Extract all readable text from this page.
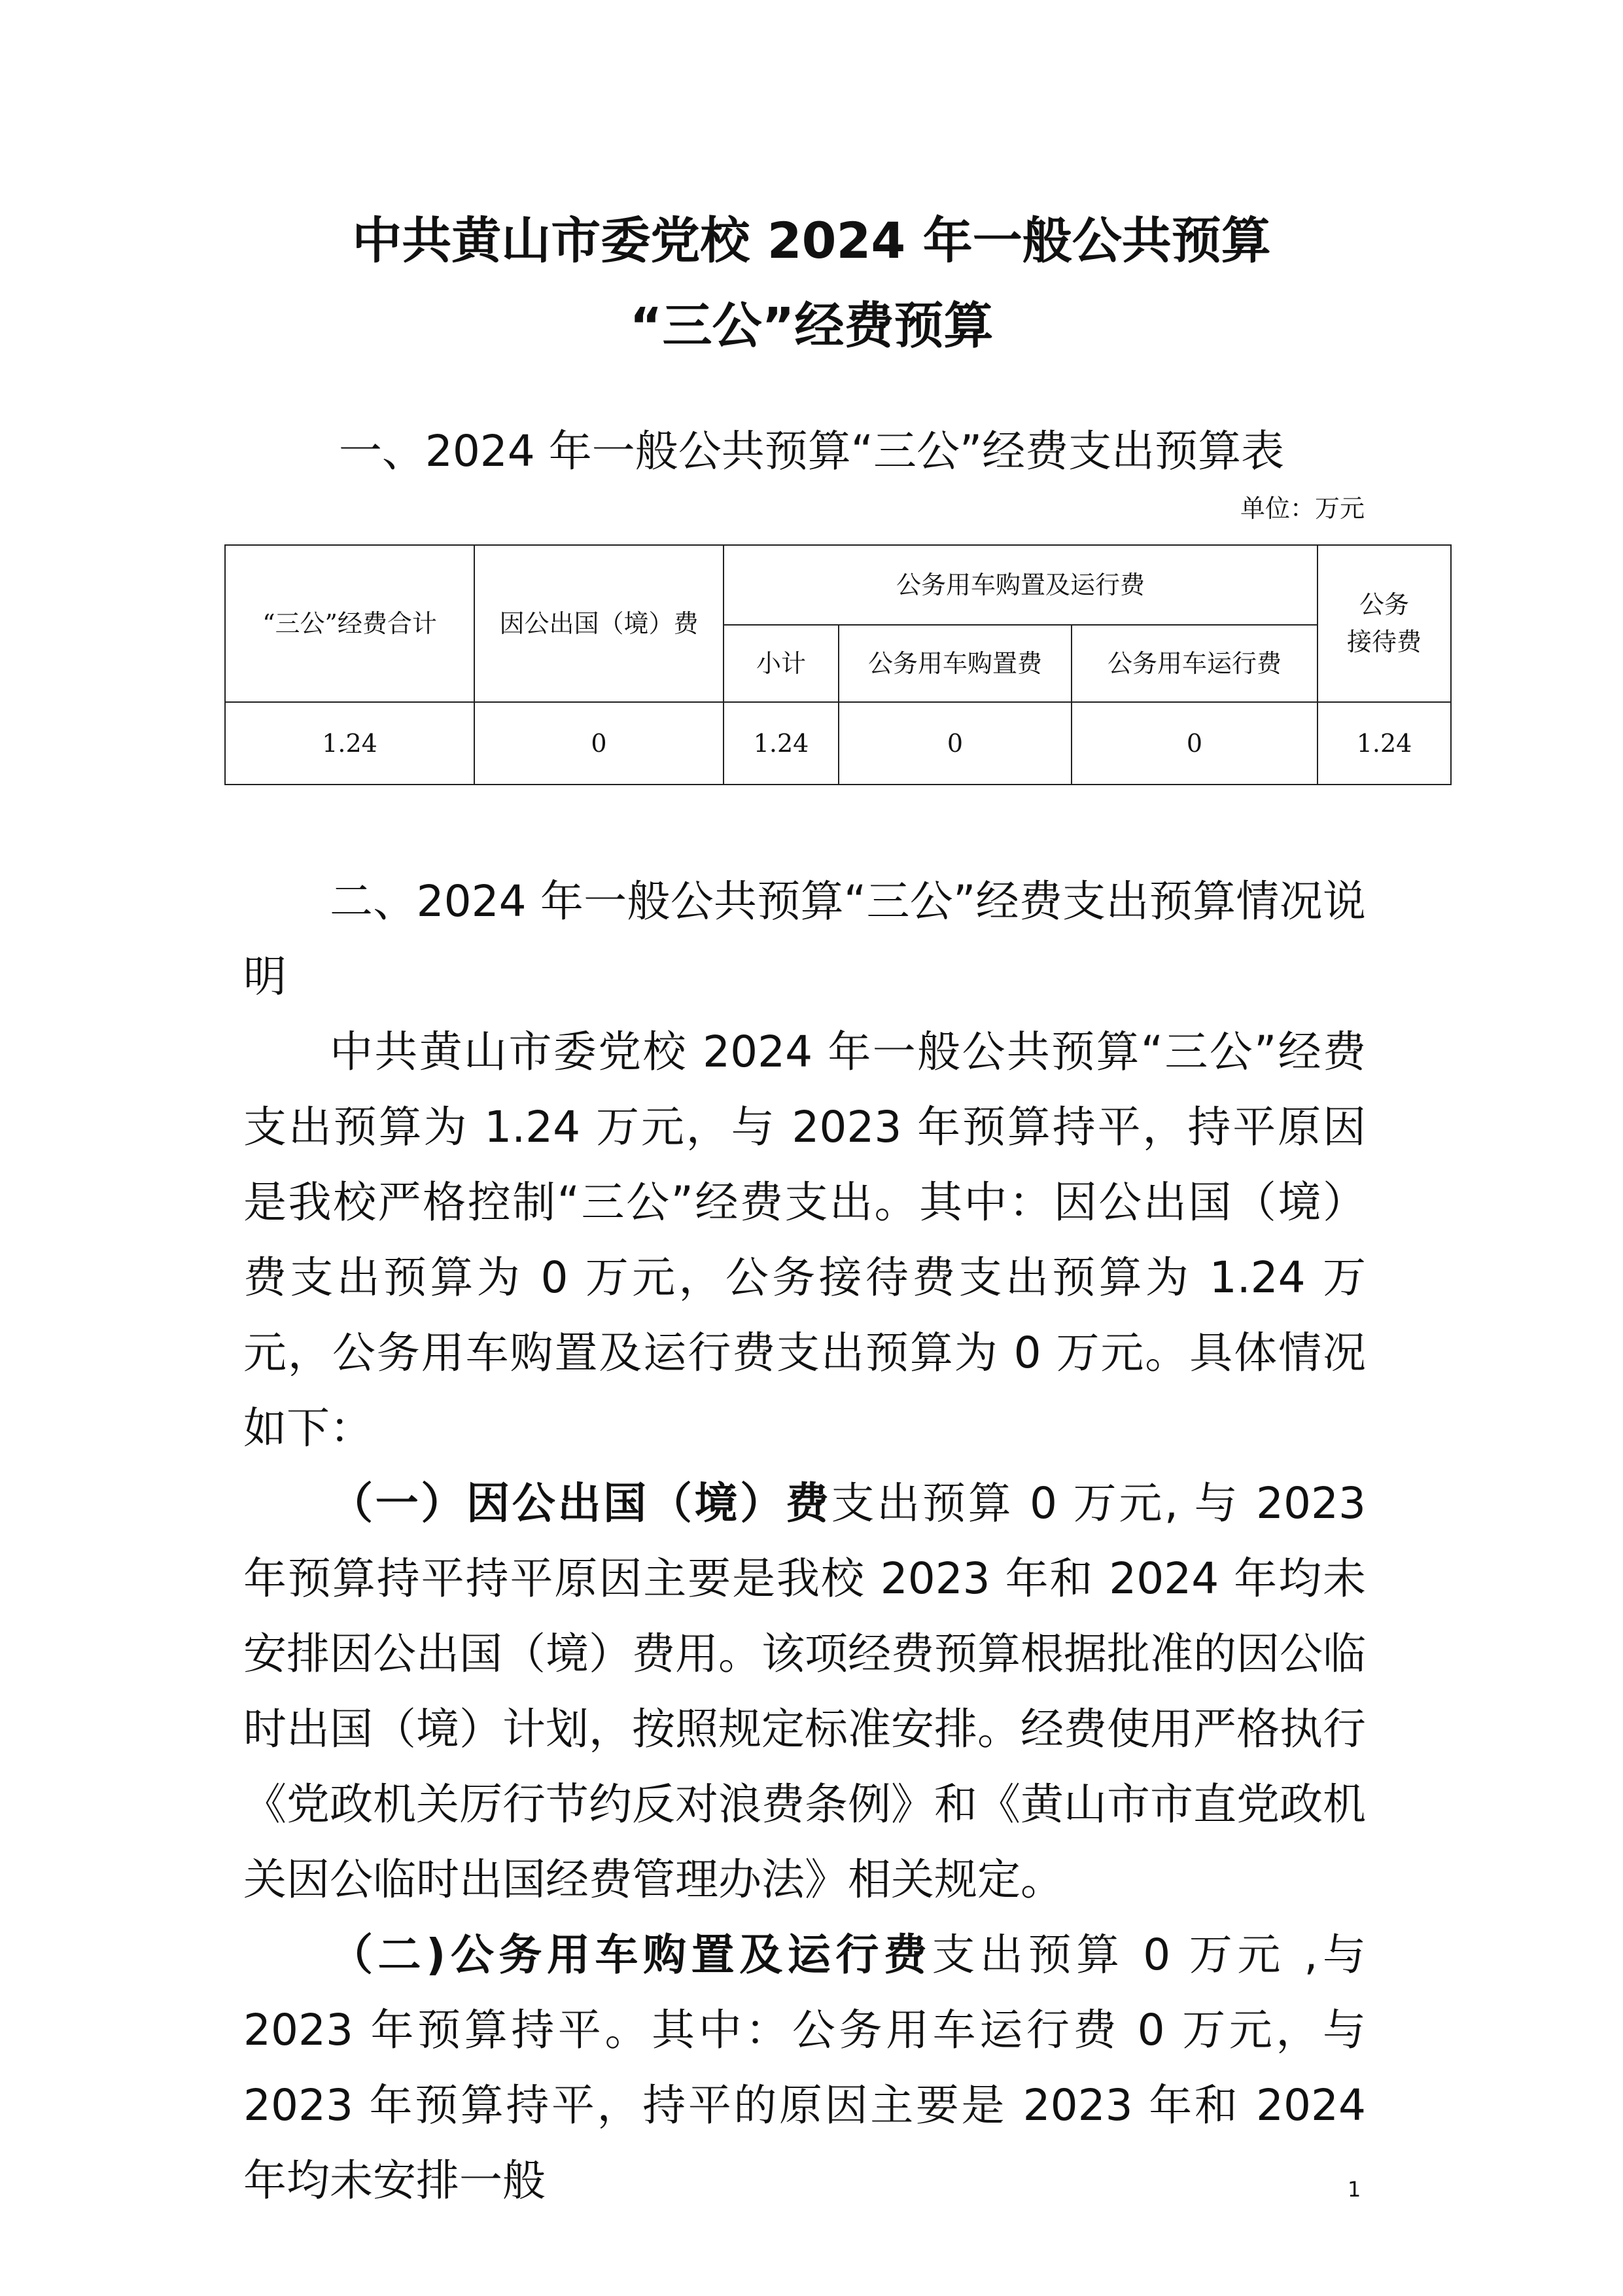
中共黄山市委党校 2024 年一般公共预算
“三公”经费预算
一、2024 年一般公共预算“三公”经费支出预算表
单位：万元
“三公”经费合计	因公出国（境）费	公务用车购置及运行费			公务
接待费

		小计	公务用车购置费	公务用车运行费	
1.24	0	1.24	0	0	1.24

二、2024 年一般公共预算“三公”经费支出预算情况说明

中共黄山市委党校 2024 年一般公共预算“三公”经费支出预算为 1.24 万元，与 2023 年预算持平，持平原因是我校严格控制“三公”经费支出。其中：因公出国（境）费支出预算为 0 万元，公务接待费支出预算为 1.24 万元，公务用车购置及运行费支出预算为 0 万元。具体情况如下：

（一）因公出国（境）费支出预算 0 万元, 与 2023 年预算持平持平原因主要是我校 2023 年和 2024 年均未安排因公出国（境）费用。该项经费预算根据批准的因公临时出国（境）计划，按照规定标准安排。经费使用严格执行《党政机关厉行节约反对浪费条例》和《黄山市市直党政机关因公临时出国经费管理办法》相关规定。

（二)公务用车购置及运行费支出预算 0 万元 ,与 2023 年预算持平。其中：公务用车运行费 0 万元，与 2023 年预算持平，持平的原因主要是 2023 年和 2024 年均未安排一般	1
